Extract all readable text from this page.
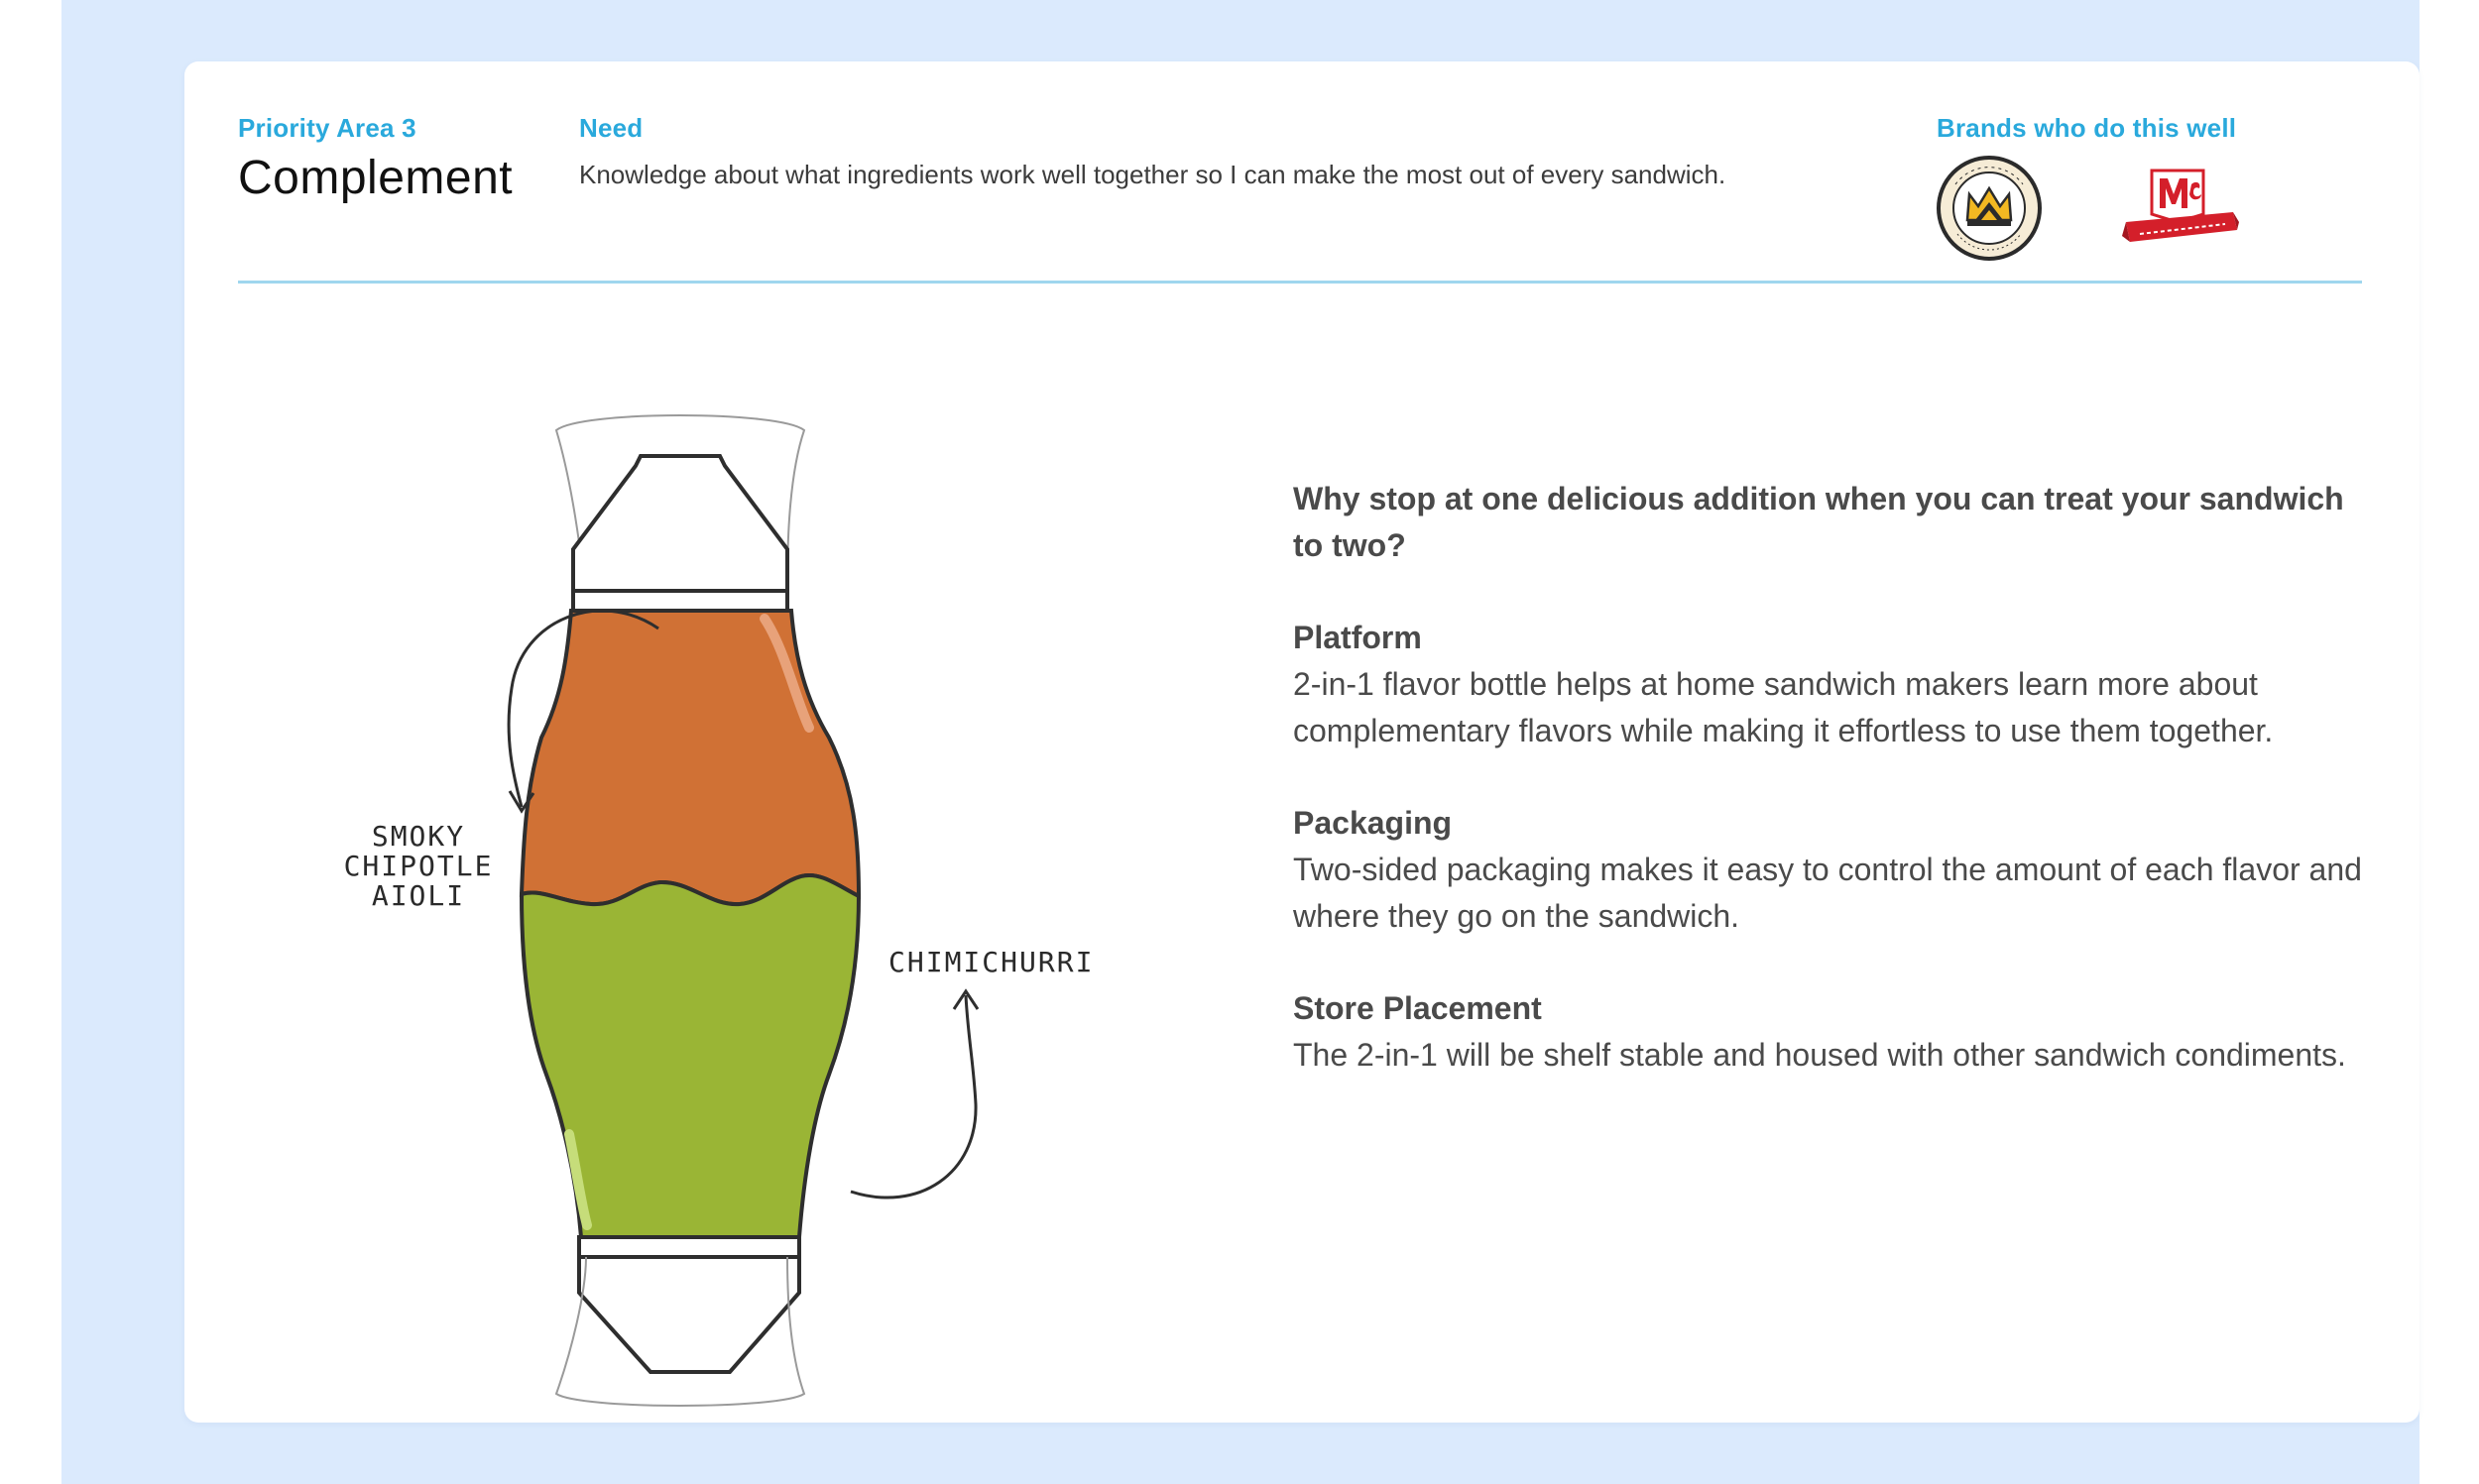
Priority Area 3
Complement
Need
Knowledge about what ingredients work well together so I can make the most out of every sandwich.
Brands who do this well
SMOKY
CHIPOTLE
AIOLI
CHIMICHURRI

Why stop at one delicious addition when you can treat your sandwich to two?

Platform
2-in-1 flavor bottle helps at home sandwich makers learn more about complementary flavors while making it effortless to use them together.
Packaging
Two-sided packaging makes it easy to control the amount of each flavor and where they go on the sandwich.
Store Placement
The 2-in-1 will be shelf stable and housed with other sandwich condiments.
